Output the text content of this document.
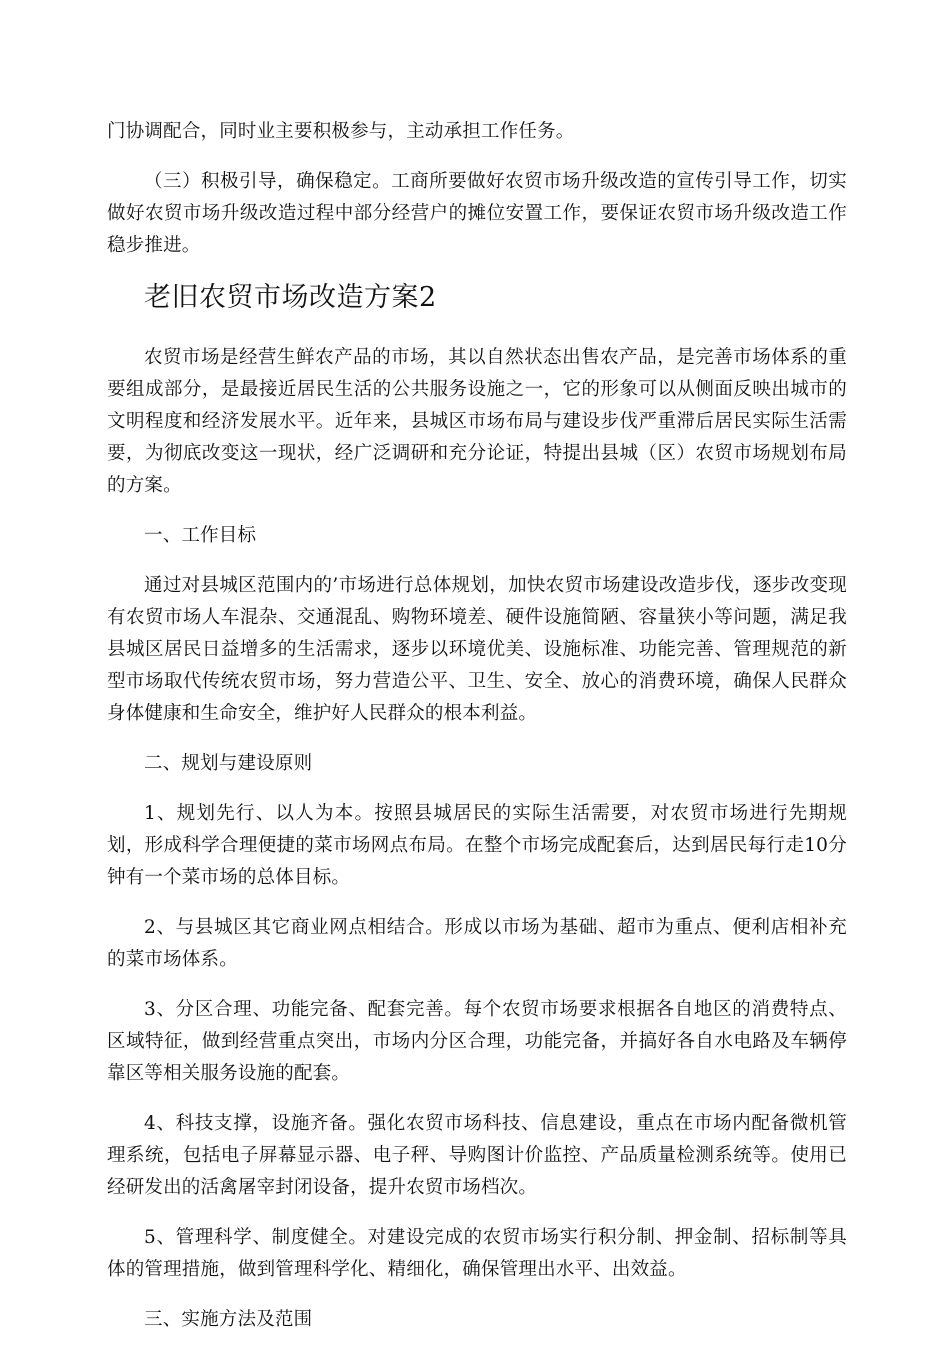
门协调配合，同时业主要积极参与，主动承担工作任务。

（三）积极引导，确保稳定。工商所要做好农贸市场升级改造的宣传引导工作，切实做好农贸市场升级改造过程中部分经营户的摊位安置工作，要保证农贸市场升级改造工作稳步推进。

老旧农贸市场改造方案2

农贸市场是经营生鲜农产品的市场，其以自然状态出售农产品，是完善市场体系的重要组成部分，是最接近居民生活的公共服务设施之一，它的形象可以从侧面反映出城市的文明程度和经济发展水平。近年来，县城区市场布局与建设步伐严重滞后居民实际生活需要，为彻底改变这一现状，经广泛调研和充分论证，特提出县城（区）农贸市场规划布局的方案。

一、工作目标

通过对县城区范围内的’市场进行总体规划，加快农贸市场建设改造步伐，逐步改变现有农贸市场人车混杂、交通混乱、购物环境差、硬件设施简陋、容量狭小等问题，满足我县城区居民日益增多的生活需求，逐步以环境优美、设施标准、功能完善、管理规范的新型市场取代传统农贸市场，努力营造公平、卫生、安全、放心的消费环境，确保人民群众身体健康和生命安全，维护好人民群众的根本利益。

二、规划与建设原则

1、规划先行、以人为本。按照县城居民的实际生活需要，对农贸市场进行先期规划，形成科学合理便捷的菜市场网点布局。在整个市场完成配套后，达到居民每行走10分钟有一个菜市场的总体目标。

2、与县城区其它商业网点相结合。形成以市场为基础、超市为重点、便利店相补充的菜市场体系。

3、分区合理、功能完备、配套完善。每个农贸市场要求根据各自地区的消费特点、区域特征，做到经营重点突出，市场内分区合理，功能完备，并搞好各自水电路及车辆停靠区等相关服务设施的配套。

4、科技支撑，设施齐备。强化农贸市场科技、信息建设，重点在市场内配备微机管理系统，包括电子屏幕显示器、电子秤、导购图计价监控、产品质量检测系统等。使用已经研发出的活禽屠宰封闭设备，提升农贸市场档次。

5、管理科学、制度健全。对建设完成的农贸市场实行积分制、押金制、招标制等具体的管理措施，做到管理科学化、精细化，确保管理出水平、出效益。

三、实施方法及范围
